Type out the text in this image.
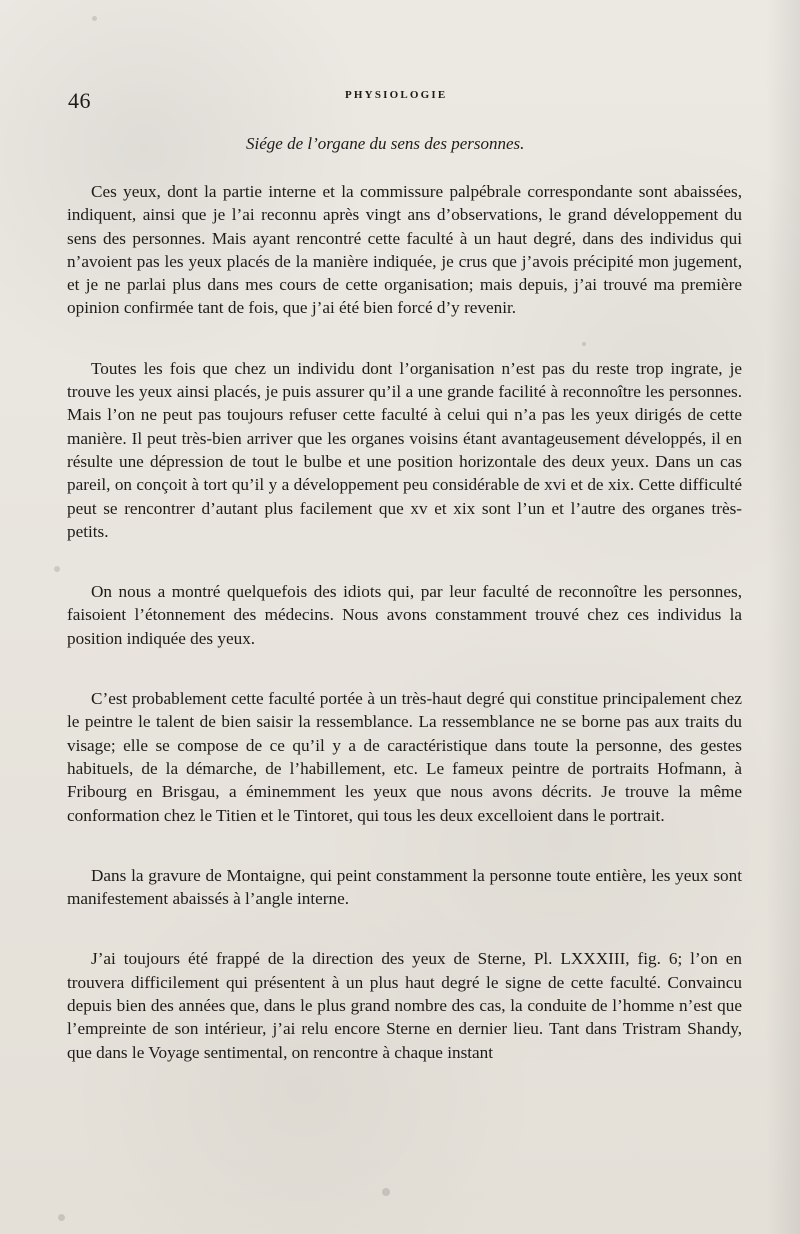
46	PHYSIOLOGIE
Siége de l’organe du sens des personnes.

Ces yeux, dont la partie interne et la commissure palpébrale correspondante sont abaissées, indiquent, ainsi que je l’ai reconnu après vingt ans d’observations, le grand développement du sens des personnes. Mais ayant rencontré cette faculté à un haut degré, dans des individus qui n’avoient pas les yeux placés de la manière indiquée, je crus que j’avois précipité mon jugement, et je ne parlai plus dans mes cours de cette organisation; mais depuis, j’ai trouvé ma première opinion confirmée tant de fois, que j’ai été bien forcé d’y revenir.

Toutes les fois que chez un individu dont l’organisation n’est pas du reste trop ingrate, je trouve les yeux ainsi placés, je puis assurer qu’il a une grande facilité à reconnoître les personnes. Mais l’on ne peut pas toujours refuser cette faculté à celui qui n’a pas les yeux dirigés de cette manière. Il peut très-bien arriver que les organes voisins étant avantageusement développés, il en résulte une dépression de tout le bulbe et une position horizontale des deux yeux. Dans un cas pareil, on conçoit à tort qu’il y a développement peu considérable de xvi et de xix. Cette difficulté peut se rencontrer d’autant plus facilement que xv et xix sont l’un et l’autre des organes très-petits.

On nous a montré quelquefois des idiots qui, par leur faculté de reconnoître les personnes, faisoient l’étonnement des médecins. Nous avons constamment trouvé chez ces individus la position indiquée des yeux.

C’est probablement cette faculté portée à un très-haut degré qui constitue principalement chez le peintre le talent de bien saisir la ressemblance. La ressemblance ne se borne pas aux traits du visage; elle se compose de ce qu’il y a de caractéristique dans toute la personne, des gestes habituels, de la démarche, de l’habillement, etc. Le fameux peintre de portraits Hofmann, à Fribourg en Brisgau, a éminemment les yeux que nous avons décrits. Je trouve la même conformation chez le Titien et le Tintoret, qui tous les deux excelloient dans le portrait.

Dans la gravure de Montaigne, qui peint constamment la personne toute entière, les yeux sont manifestement abaissés à l’angle interne.

J’ai toujours été frappé de la direction des yeux de Sterne, Pl. LXXXIII, fig. 6; l’on en trouvera difficilement qui présentent à un plus haut degré le signe de cette faculté. Convaincu depuis bien des années que, dans le plus grand nombre des cas, la conduite de l’homme n’est que l’empreinte de son intérieur, j’ai relu encore Sterne en dernier lieu. Tant dans Tristram Shandy, que dans le Voyage sentimental, on rencontre à chaque instant
